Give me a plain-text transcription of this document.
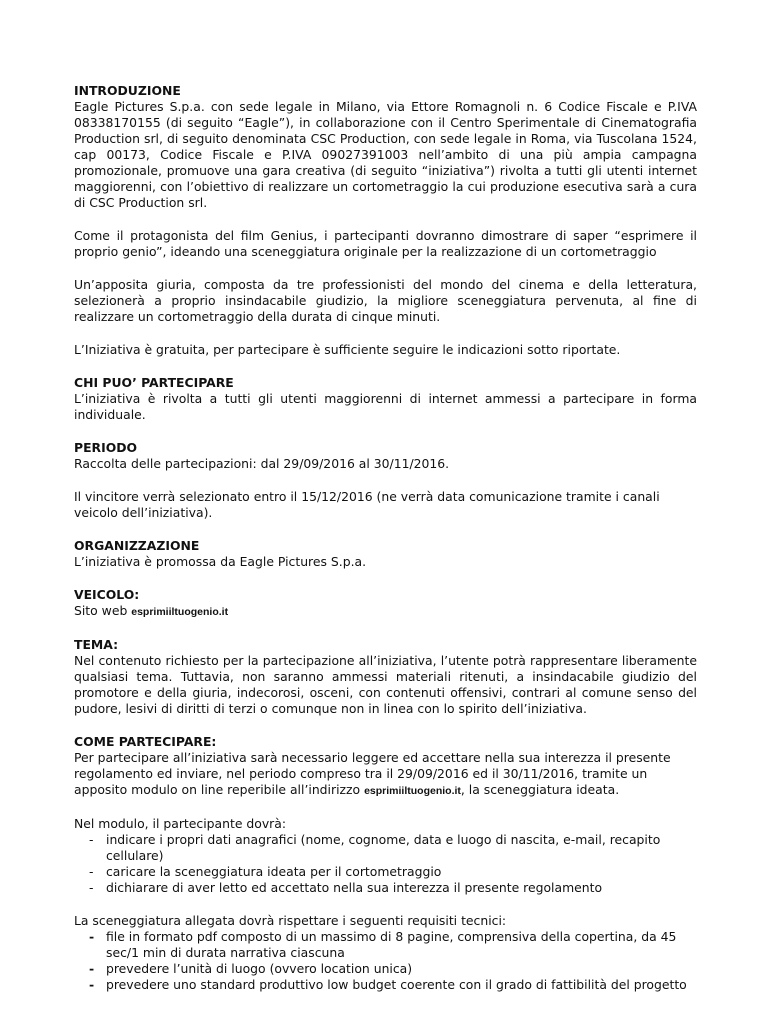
INTRODUZIONE

Eagle Pictures S.p.a. con sede legale in Milano, via Ettore Romagnoli n. 6 Codice Fiscale e P.IVA 08338170155 (di seguito “Eagle”), in collaborazione con il Centro Sperimentale di Cinematografia Production srl, di seguito denominata CSC Production, con sede legale in Roma, via Tuscolana 1524, cap 00173, Codice Fiscale e P.IVA 09027391003 nell’ambito di una più ampia campagna promozionale, promuove una gara creativa (di seguito “iniziativa”) rivolta a tutti gli utenti internet maggiorenni, con l’obiettivo di realizzare un cortometraggio la cui produzione esecutiva sarà a cura di CSC Production srl.

Come il protagonista del film Genius, i partecipanti dovranno dimostrare di saper “esprimere il proprio genio”, ideando una sceneggiatura originale per la realizzazione di un cortometraggio

Un’apposita giuria, composta da tre professionisti del mondo del cinema e della letteratura, selezionerà a proprio insindacabile giudizio, la migliore sceneggiatura pervenuta, al fine di realizzare un cortometraggio della durata di cinque minuti.

L’Iniziativa è gratuita, per partecipare è sufficiente seguire le indicazioni sotto riportate.

CHI PUO’ PARTECIPARE

L’iniziativa è rivolta a tutti gli utenti maggiorenni di internet ammessi a partecipare in forma individuale.

PERIODO

Raccolta delle partecipazioni: dal 29/09/2016 al 30/11/2016.

Il vincitore verrà selezionato entro il 15/12/2016 (ne verrà data comunicazione tramite i canali veicolo dell’iniziativa).

ORGANIZZAZIONE

L’iniziativa è promossa da Eagle Pictures S.p.a.

VEICOLO:

Sito web esprimiiltuogenio.it

TEMA:

Nel contenuto richiesto per la partecipazione all’iniziativa, l’utente potrà rappresentare liberamente qualsiasi tema. Tuttavia, non saranno ammessi materiali ritenuti, a insindacabile giudizio del promotore e della giuria, indecorosi, osceni, con contenuti offensivi, contrari al comune senso del pudore, lesivi di diritti di terzi o comunque non in linea con lo spirito dell’iniziativa.

COME PARTECIPARE:

Per partecipare all’iniziativa sarà necessario leggere ed accettare nella sua interezza il presente regolamento ed inviare, nel periodo compreso tra il 29/09/2016 ed il 30/11/2016, tramite un apposito modulo on line reperibile all’indirizzo esprimiiltuogenio.it, la sceneggiatura ideata.

Nel modulo, il partecipante dovrà:

- indicare i propri dati anagrafici (nome, cognome, data e luogo di nascita, e-mail, recapito cellulare)
- caricare la sceneggiatura ideata per il cortometraggio
- dichiarare di aver letto ed accettato nella sua interezza il presente regolamento

La sceneggiatura allegata dovrà rispettare i seguenti requisiti tecnici:

- file in formato pdf composto di un massimo di 8 pagine, comprensiva della copertina, da 45 sec/1 min di durata narrativa ciascuna
- prevedere l’unità di luogo (ovvero location unica)
- prevedere uno standard produttivo low budget coerente con il grado di fattibilità del progetto
